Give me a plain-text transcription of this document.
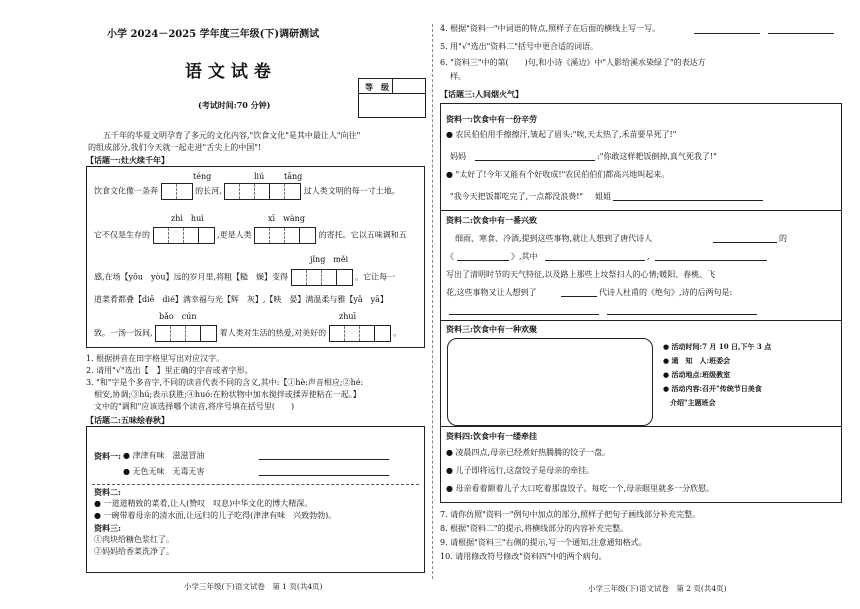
小学 2024－2025 学年度三年级(下)调研测试
语 文 试 卷
等　级
(考试时间:70 分钟)
五千年的华夏文明孕育了多元的文化内容,"饮食文化"是其中最让人"向往"
的组成部分,我们今天就一起走进"舌尖上的中国"!
【话题一:灶火续千年】
téng	liú tāng
饮食文化像一条奔	的长河,	过人类文明的每一寸土地。
zhì　huì	xī　wàng
它不仅是生存的	,更是人类	的寄托。它以五味调和五
jǐng　měi
感,在场【yōu　yòu】远的岁月里,将粗【糙　燥】变得	。它让每一
道菜肴都叠【diē　dié】满幸福与光【辉　灰】,【映　晏】满温柔与雅【yǎ　yā】
bǎo　cún	zhuī
致。一汤一饭间,	着人类对生活的热爱,对美好的	。
1. 根据拼音在田字格里写出对应汉字。
2. 请用"√"选出【　】里正确的字音或者字形。
3. "和"字是个多音字,不同的读音代表不同的含义,其中:【①hè:声音相应;②hé:
相安,协调;③hú;表示获胜;④huó:在粉状物中加水搅拌或揉弄使粘在一起。】
文中的"调和"应该选择哪个读音,将序号填在括号里(　　)
【话题二:五味绘春秋】
资料一: ● 津津有味　滋滋冒油
● 无色无味　无毒无害
资料二:
● 一道道精致的菜肴,让人(赞叹　叹息)中华文化的博大精深。
● 一碗带着母亲的清水面,让远归的儿子吃得(津津有味　兴致勃勃)。
资料三:
①肉块给糖色浆红了。
②妈妈给香菜洗净了。
小学三年级(下)语文试卷　第 1 页(共4页)
4. 根据"资料一"中词语的特点,照样子在后面的横线上写一写。
5. 用"√"选出"资料二"括号中更合适的词语。
6. "资料三"中的第(　　)句,和小诗《溪边》中"人影给溪水染绿了"的表达方
样。
【话题三:人间烟火气】
资料一:饮食中有一份辛劳
● 农民伯伯用手擦擦汗,皱起了眉头:"唉,天太热了,禾苗要旱死了!"
妈妈	:"你敢这样耙饭倒掉,真气死我了!"
● "太好了!今年又能有个好收成!"农民伯伯们都高兴地叫起来。
"我今天把饭都吃完了,一点都没浪费!" 姐姐
资料二:饮食中有一番兴致
细雨、寒食、冷酒,提到这些事物,就让人想到了唐代诗人	的
《	》,其中	,
写出了清明时节的天气特征,以及路上那些上坟祭扫人的心情;暖阳、春桃、飞
花,这些事物又让人想到了	代诗人杜甫的《绝句》,诗的后两句是:
资料三:饮食中有一种欢聚
● 活动时间:7 月 10 日,下午 3 点
● 通　知　人:班委会
● 活动地点:班级教室
● 活动内容:召开"传统节日美食
　介绍"主题班会
资料四:饮食中有一缕牵挂
● 凌晨四点,母亲已经煮好热腾腾的饺子一盘。
● 儿子即将远行,这盘饺子是母亲的牵挂。
● 母亲看着额着儿子大口吃着那盘饺子。每吃一个,母亲眼里就多一分欣慰。
7. 请你仿照"资料一"例句中加点的部分,照样子把句子画线部分补充完整。
8. 根据"资料二"的提示,将横线部分的内容补充完整。
9. 请根据"资料三"右侧的提示,写一个通知,注意通知格式。
10. 请用修改符号修改"资料四"中的两个病句。
小学三年级(下)语文试卷　第 2 页(共4页)
